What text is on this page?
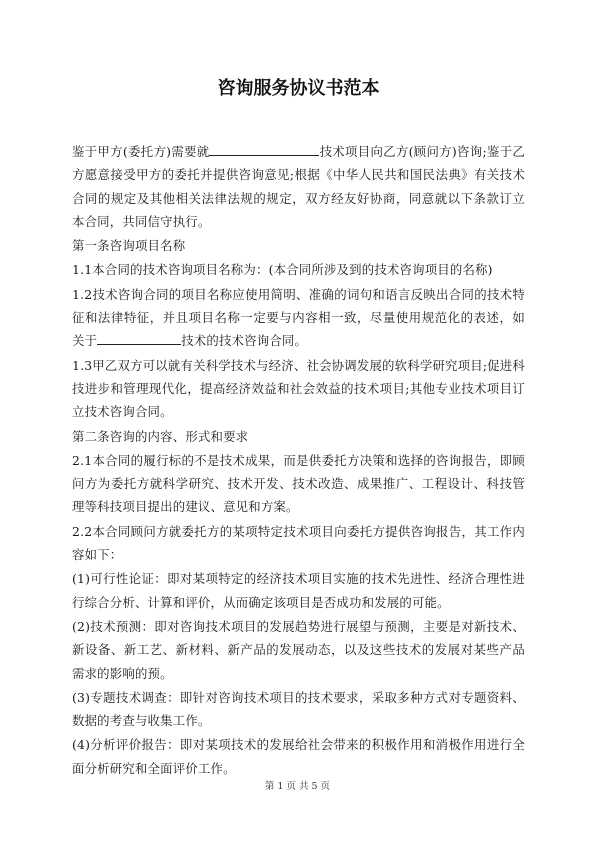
咨询服务协议书范本

鉴于甲方(委托方)需要就	技术项目向乙方(顾问方)咨询;鉴于乙方愿意接受甲方的委托并提供咨询意见;根据《中华人民共和国民法典》有关技术合同的规定及其他相关法律法规的规定，双方经友好协商，同意就以下条款订立本合同，共同信守执行。

第一条咨询项目名称

1.1本合同的技术咨询项目名称为：(本合同所涉及到的技术咨询项目的名称)

1.2技术咨询合同的项目名称应使用简明、准确的词句和语言反映出合同的技术特征和法律特征，并且项目名称一定要与内容相一致，尽量使用规范化的表述，如关于	技术的技术咨询合同。

1.3甲乙双方可以就有关科学技术与经济、社会协调发展的软科学研究项目;促进科技进步和管理现代化，提高经济效益和社会效益的技术项目;其他专业技术项目订立技术咨询合同。

第二条咨询的内容、形式和要求

2.1本合同的履行标的不是技术成果，而是供委托方决策和选择的咨询报告，即顾问方为委托方就科学研究、技术开发、技术改造、成果推广、工程设计、科技管理等科技项目提出的建议、意见和方案。

2.2本合同顾问方就委托方的某项特定技术项目向委托方提供咨询报告，其工作内容如下：

(1)可行性论证：即对某项特定的经济技术项目实施的技术先进性、经济合理性进行综合分析、计算和评价，从而确定该项目是否成功和发展的可能。

(2)技术预测：即对咨询技术项目的发展趋势进行展望与预测，主要是对新技术、新设备、新工艺、新材料、新产品的发展动态，以及这些技术的发展对某些产品需求的影响的预。

(3)专题技术调查：即针对咨询技术项目的技术要求，采取多种方式对专题资料、数据的考查与收集工作。

(4)分析评价报告：即对某项技术的发展给社会带来的积极作用和消极作用进行全面分析研究和全面评价工作。

第 1 页 共 5 页
